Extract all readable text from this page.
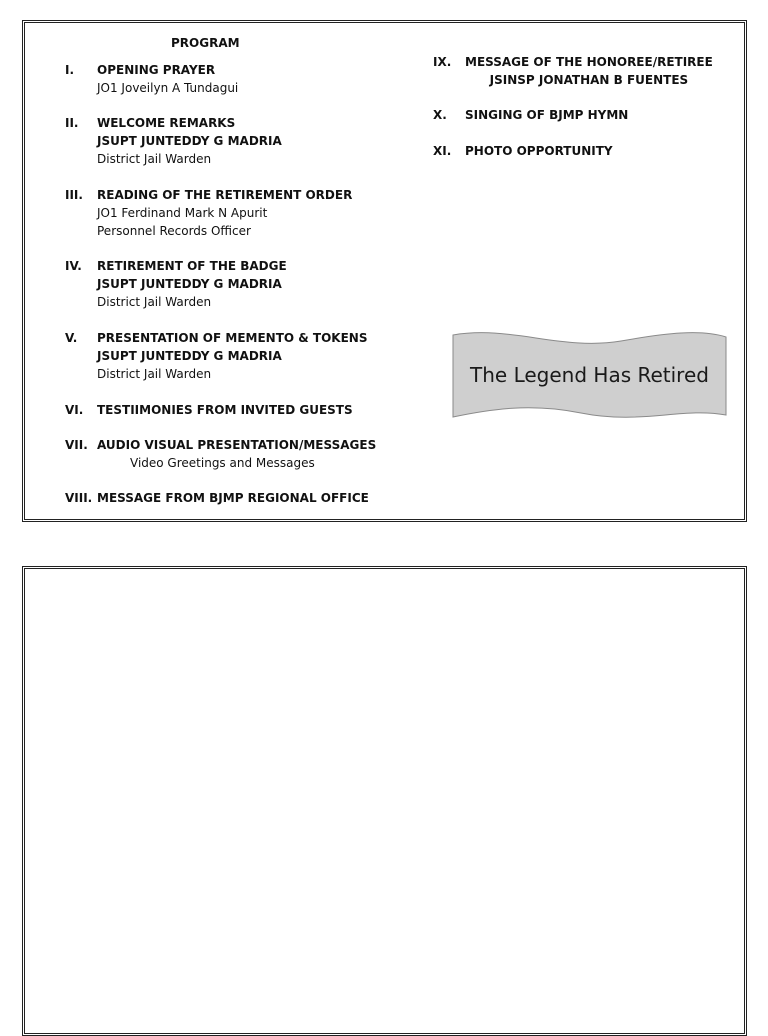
PROGRAM
I.	OPENING PRAYER
JO1 Joveilyn A Tundagui
II.	WELCOME REMARKS
JSUPT JUNTEDDY G MADRIA
District Jail Warden
III.	READING OF THE RETIREMENT ORDER
JO1 Ferdinand Mark N Apurit
Personnel Records Officer
IV.	RETIREMENT OF THE BADGE
JSUPT JUNTEDDY G MADRIA
District Jail Warden
V.	PRESENTATION OF MEMENTO & TOKENS
JSUPT JUNTEDDY G MADRIA
District Jail Warden
VI.	TESTIIMONIES FROM INVITED GUESTS
VII. AUDIO VISUAL PRESENTATION/MESSAGES
Video Greetings and Messages
VIII. MESSAGE FROM BJMP REGIONAL OFFICE
IX.	MESSAGE OF THE HONOREE/RETIREE
JSINSP JONATHAN B FUENTES
X.	SINGING OF BJMP HYMN
XI.	PHOTO OPPORTUNITY
The Legend Has Retired
